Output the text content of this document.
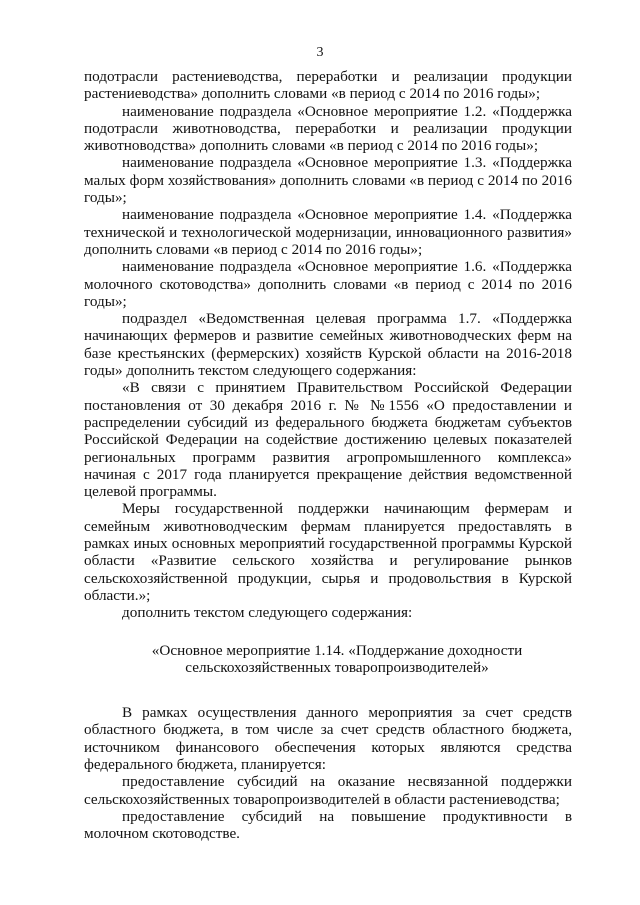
3

подотрасли растениеводства, переработки и реализации продукции растениеводства» дополнить словами «в период с 2014 по 2016 годы»;

наименование подраздела «Основное мероприятие 1.2. «Поддержка подотрасли животноводства, переработки и реализации продукции животноводства» дополнить словами «в период с 2014 по 2016 годы»;

наименование подраздела «Основное мероприятие 1.3. «Поддержка малых форм хозяйствования» дополнить словами «в период с 2014 по 2016 годы»;

наименование подраздела «Основное мероприятие 1.4. «Поддержка технической и технологической модернизации, инновационного развития» дополнить словами «в период с 2014 по 2016 годы»;

наименование подраздела «Основное мероприятие 1.6. «Поддержка молочного скотоводства» дополнить словами «в период с 2014 по 2016 годы»;

подраздел «Ведомственная целевая программа 1.7. «Поддержка начинающих фермеров и развитие семейных животноводческих ферм на базе крестьянских (фермерских) хозяйств Курской области на 2016-2018 годы» дополнить текстом следующего содержания:

«В связи с принятием Правительством Российской Федерации постановления от 30 декабря 2016 г. № №1556 «О предоставлении и распределении субсидий из федерального бюджета бюджетам субъектов Российской Федерации на содействие достижению целевых показателей региональных программ развития агропромышленного комплекса» начиная с 2017 года планируется прекращение действия ведомственной целевой программы.

Меры государственной поддержки начинающим фермерам и семейным животноводческим фермам планируется предоставлять в рамках иных основных мероприятий государственной программы Курской области «Развитие сельского хозяйства и регулирование рынков сельскохозяйственной продукции, сырья и продовольствия в Курской области.»;

дополнить текстом следующего содержания:

«Основное мероприятие 1.14. «Поддержание доходности
сельскохозяйственных товаропроизводителей»

В рамках осуществления данного мероприятия за счет средств областного бюджета, в том числе за счет средств областного бюджета, источником финансового обеспечения которых являются средства федерального бюджета, планируется:

предоставление субсидий на оказание несвязанной поддержки сельскохозяйственных товаропроизводителей в области растениеводства;

предоставление субсидий на повышение продуктивности в молочном скотоводстве.
